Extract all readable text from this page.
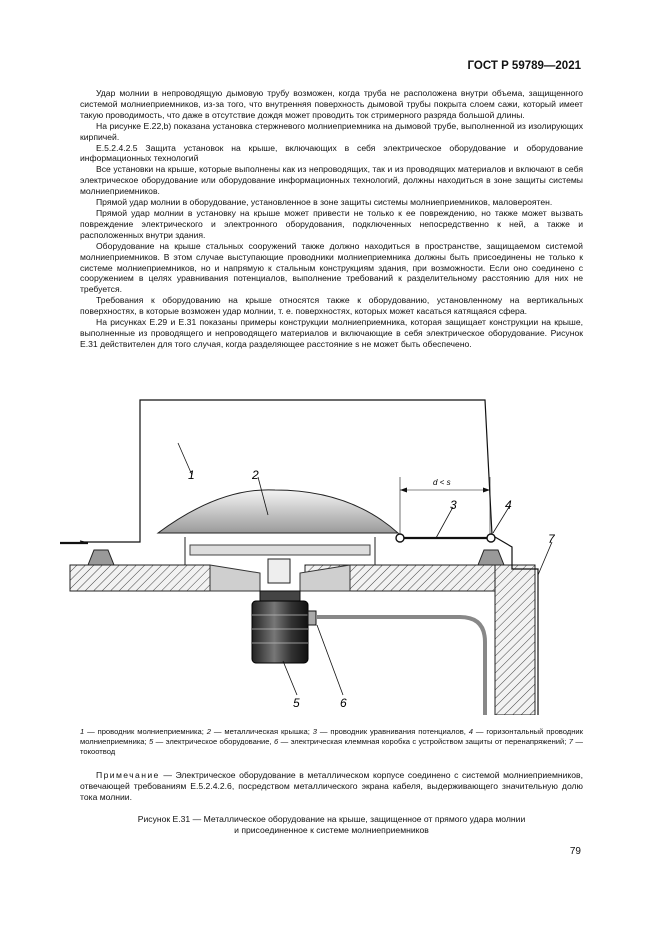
ГОСТ Р 59789—2021

Удар молнии в непроводящую дымовую трубу возможен, когда труба не расположена внутри объема, защищенного системой молниеприемников, из-за того, что внутренняя поверхность дымовой трубы покрыта слоем сажи, который имеет такую проводимость, что даже в отсутствие дождя может проводить ток стримерного разряда большой длины.

На рисунке Е.22,b) показана установка стержневого молниеприемника на дымовой трубе, выполненной из изолирующих кирпичей.

Е.5.2.4.2.5 Защита установок на крыше, включающих в себя электрическое оборудование и оборудование информационных технологий

Все установки на крыше, которые выполнены как из непроводящих, так и из проводящих материалов и включают в себя электрическое оборудование или оборудование информационных технологий, должны находиться в зоне защиты системы молниеприемников.

Прямой удар молнии в оборудование, установленное в зоне защиты системы молниеприемников, маловероятен.

Прямой удар молнии в установку на крыше может привести не только к ее повреждению, но также может вызвать повреждение электрического и электронного оборудования, подключенных непосредственно к ней, а также и расположенных внутри здания.

Оборудование на крыше стальных сооружений также должно находиться в пространстве, защищаемом системой молниеприемников. В этом случае выступающие проводники молниеприемника должны быть присоединены не только к системе молниеприемников, но и напрямую к стальным конструкциям здания, при возможности. Если оно соединено с сооружением в целях уравнивания потенциалов, выполнение требований к разделительному расстоянию для них не требуется.

Требования к оборудованию на крыше относятся также к оборудованию, установленному на вертикальных поверхностях, в которые возможен удар молнии, т. е. поверхностях, которых может касаться катящаяся сфера.

На рисунках Е.29 и Е.31 показаны примеры конструкции молниеприемника, которая защищает конструкции на крыше, выполненные из проводящего и непроводящего материалов и включающие в себя электрическое оборудование. Рисунок Е.31 действителен для того случая, когда разделяющее расстояние s не может быть обеспечено.

d < s
1	2
3	4
5	6
7
1 — проводник молниеприемника; 2 — металлическая крышка; 3 — проводник уравнивания потенциалов, 4 — горизонтальный проводник молниеприемника; 5 — электрическое оборудование, 6 — электрическая клеммная коробка с устройством защиты от перенапряжений; 7 — токоотвод
Примечание — Электрическое оборудование в металлическом корпусе соединено с системой молниеприемников, отвечающей требованиям Е.5.2.4.2.6, посредством металлического экрана кабеля, выдерживающего значительную долю тока молнии.
Рисунок Е.31 — Металлическое оборудование на крыше, защищенное от прямого удара молнии
и присоединенное к системе молниеприемников
79
